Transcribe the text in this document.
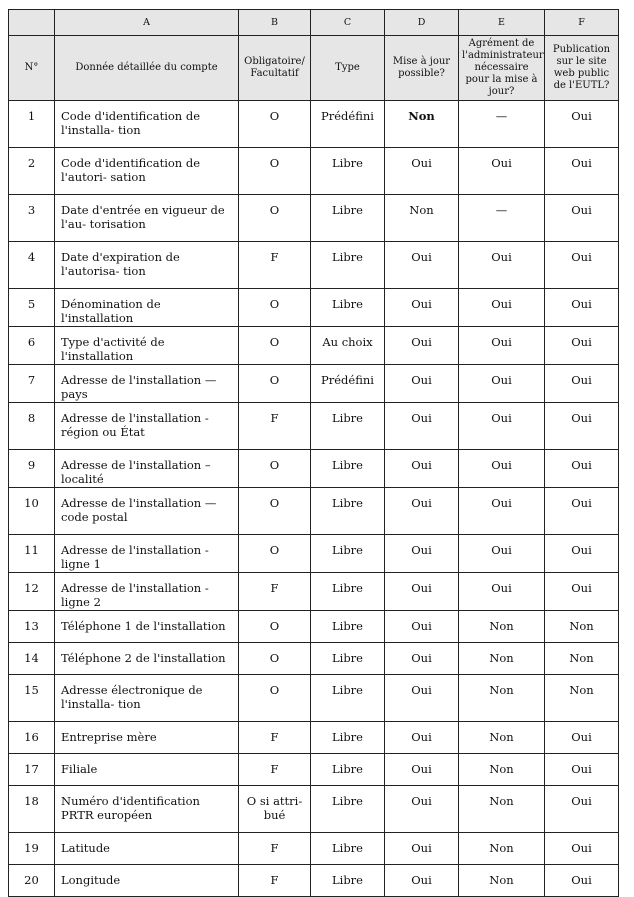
	A	B	C	D	E	F
N°	Donnée détaillée du compte	Obligatoire/ Facultatif	Type	Mise à jour possible?	Agrément de l'administrateur nécessaire pour la mise à jour?	Publication sur le site web public de l'EUTL?
1	Code d'identification de l'installa- tion	O	Prédéfini	Non	—	Oui
2	Code d'identification de l'autori- sation	O	Libre	Oui	Oui	Oui
3	Date d'entrée en vigueur de l'au- torisation	O	Libre	Non	—	Oui
4	Date d'expiration de l'autorisa- tion	F	Libre	Oui	Oui	Oui
5	Dénomination de l'installation	O	Libre	Oui	Oui	Oui
6	Type d'activité de l'installation	O	Au choix	Oui	Oui	Oui
7	Adresse de l'installation — pays	O	Prédéfini	Oui	Oui	Oui
8	Adresse de l'installation - région ou État	F	Libre	Oui	Oui	Oui
9	Adresse de l'installation – localité	O	Libre	Oui	Oui	Oui
10	Adresse de l'installation — code postal	O	Libre	Oui	Oui	Oui
11	Adresse de l'installation - ligne 1	O	Libre	Oui	Oui	Oui
12	Adresse de l'installation - ligne 2	F	Libre	Oui	Oui	Oui
13	Téléphone 1 de l'installation	O	Libre	Oui	Non	Non
14	Téléphone 2 de l'installation	O	Libre	Oui	Non	Non
15	Adresse électronique de l'installa- tion	O	Libre	Oui	Non	Non
16	Entreprise mère	F	Libre	Oui	Non	Oui
17	Filiale	F	Libre	Oui	Non	Oui
18	Numéro d'identification PRTR européen	O si attri- bué	Libre	Oui	Non	Oui
19	Latitude	F	Libre	Oui	Non	Oui
20	Longitude	F	Libre	Oui	Non	Oui
